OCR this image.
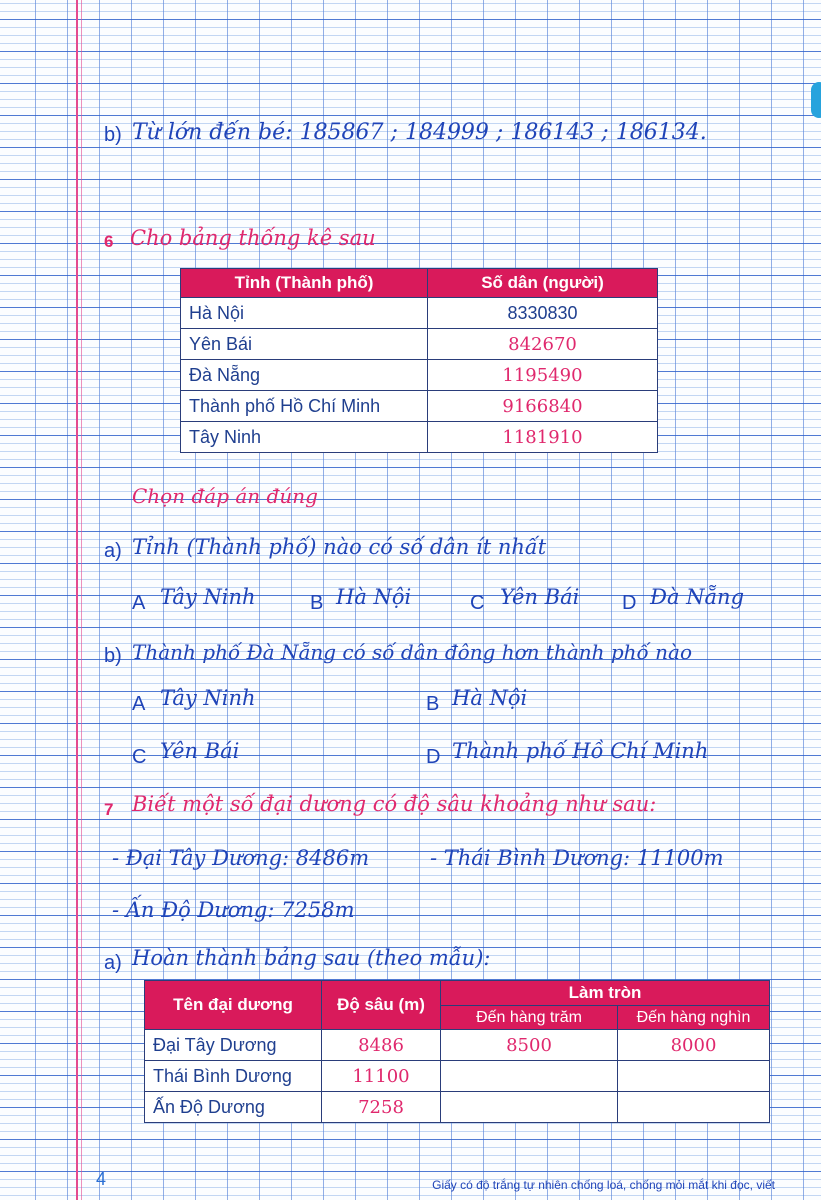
b) Từ lớn đến bé: 185867 ; 184999 ; 186143 ; 186134.
6 Cho bảng thống kê sau
Tỉnh (Thành phố)	Số dân (người)
Hà Nội	8330830
Yên Bái	842670
Đà Nẵng	1195490
Thành phố Hồ Chí Minh	9166840
Tây Ninh	1181910
Chọn đáp án đúng
a) Tỉnh (Thành phố) nào có số dân ít nhất
A Tây Ninh	B Hà Nội	C Yên Bái D Đà Nẵng
b) Thành phố Đà Nẵng có số dân đông hơn thành phố nào
A Tây Ninh	B Hà Nội
C Yên Bái	D Thành phố Hồ Chí Minh
7 Biết một số đại dương có độ sâu khoảng như sau:
- Đại Tây Dương: 8486m	- Thái Bình Dương: 11100m
- Ấn Độ Dương: 7258m
a) Hoàn thành bảng sau (theo mẫu):
Tên đại dương	Độ sâu (m)	Làm tròn	
		Đến hàng trăm	Đến hàng nghìn
Đại Tây Dương	8486	8500	8000
Thái Bình Dương	11100		
Ấn Độ Dương	7258		
4	Giấy có độ trắng tự nhiên chống loá, chống mỏi mắt khi đọc, viết
